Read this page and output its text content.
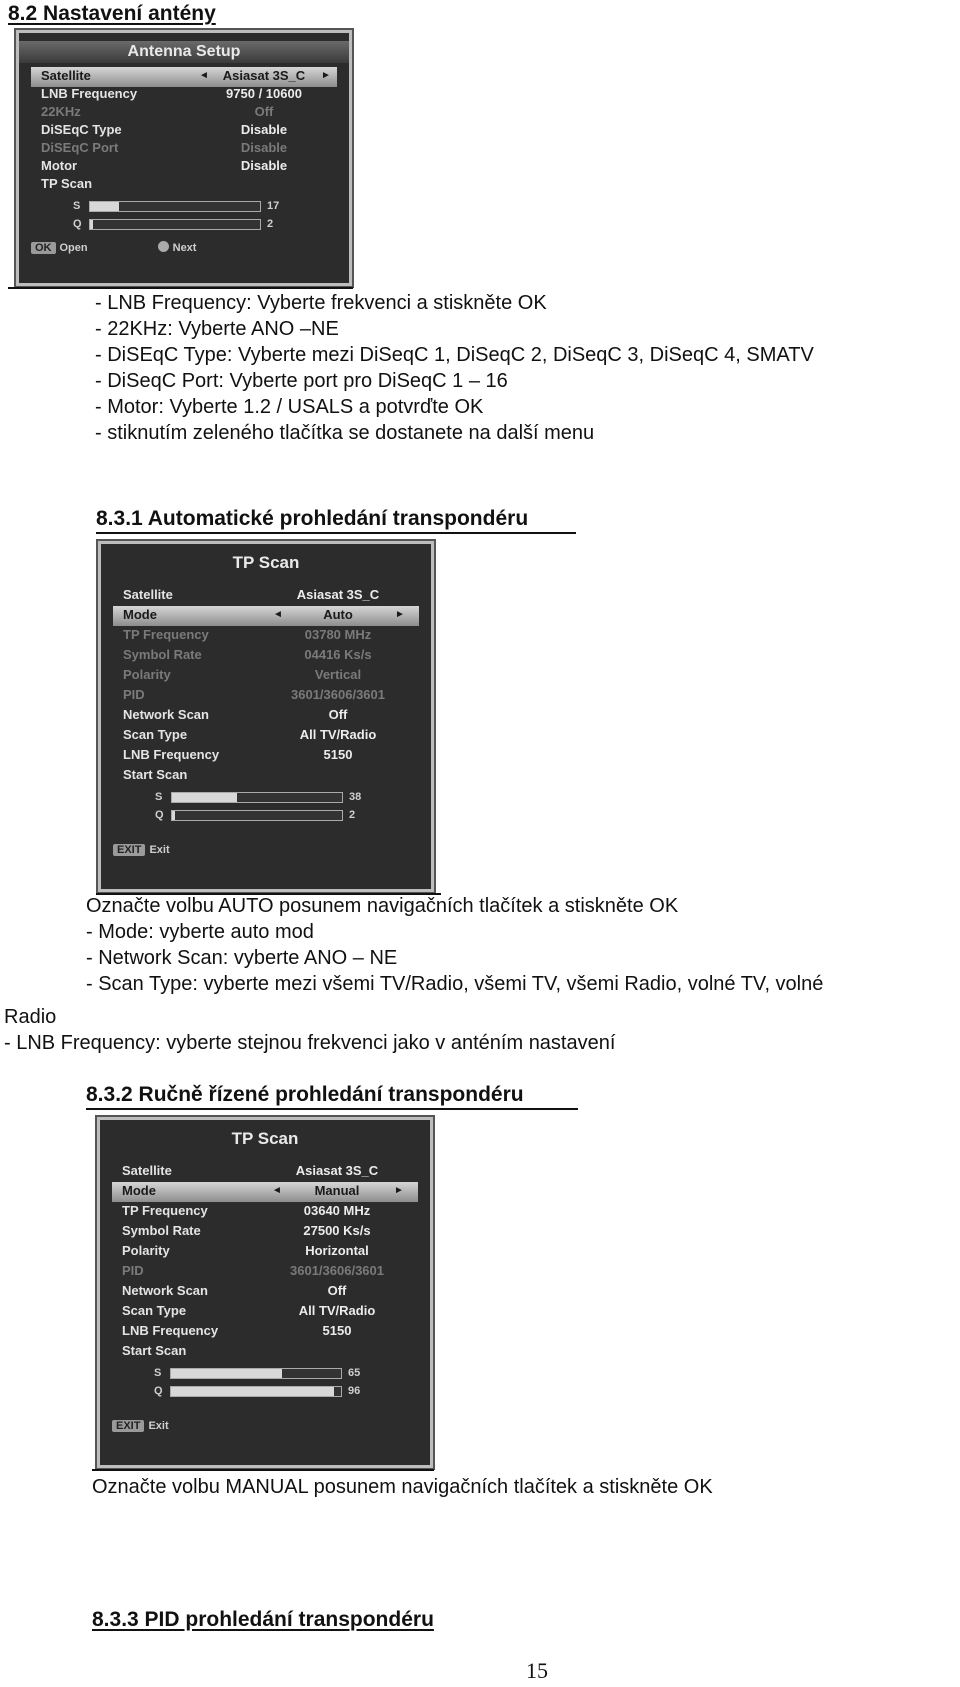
8.2 Nastavení antény
Antenna Setup
Satellite	Asiasat 3S_C
◄	►
LNB Frequency	9750 / 10600
22KHz	Off
DiSEqC Type	Disable
DiSEqC Port	Disable
Motor	Disable
TP Scan
S	17
Q	2
OK Open	Next
- LNB Frequency: Vyberte frekvenci a stiskněte OK
- 22KHz: Vyberte ANO –NE
- DiSEqC Type: Vyberte mezi DiSeqC 1, DiSeqC 2, DiSeqC 3, DiSeqC 4, SMATV
- DiSeqC Port: Vyberte port pro DiSeqC 1 – 16
- Motor: Vyberte 1.2 / USALS a potvrďte OK
- stiknutím zeleného tlačítka se dostanete na další menu
8.3.1 Automatické prohledání transpondéru
TP Scan
Satellite	Asiasat 3S_C
Mode	Auto
◄	►
TP Frequency	03780 MHz
Symbol Rate	04416 Ks/s
Polarity	Vertical
PID	3601/3606/3601
Network Scan	Off
Scan Type	All TV/Radio
LNB Frequency	5150
Start Scan
S	38
Q	2
EXIT Exit
Označte volbu AUTO posunem navigačních tlačítek a stiskněte OK
- Mode: vyberte auto mod
- Network Scan: vyberte ANO – NE
- Scan Type: vyberte mezi všemi TV/Radio, všemi TV, všemi Radio, volné TV, volné
Radio
- LNB Frequency: vyberte stejnou frekvenci jako v anténím nastavení
8.3.2 Ručně řízené prohledání transpondéru
TP Scan
Satellite	Asiasat 3S_C
Mode	Manual
◄	►
TP Frequency	03640 MHz
Symbol Rate	27500 Ks/s
Polarity	Horizontal
PID	3601/3606/3601
Network Scan	Off
Scan Type	All TV/Radio
LNB Frequency	5150
Start Scan
S	65
Q	96
EXIT Exit
Označte volbu MANUAL posunem navigačních tlačítek a stiskněte OK
8.3.3 PID prohledání transpondéru
15
